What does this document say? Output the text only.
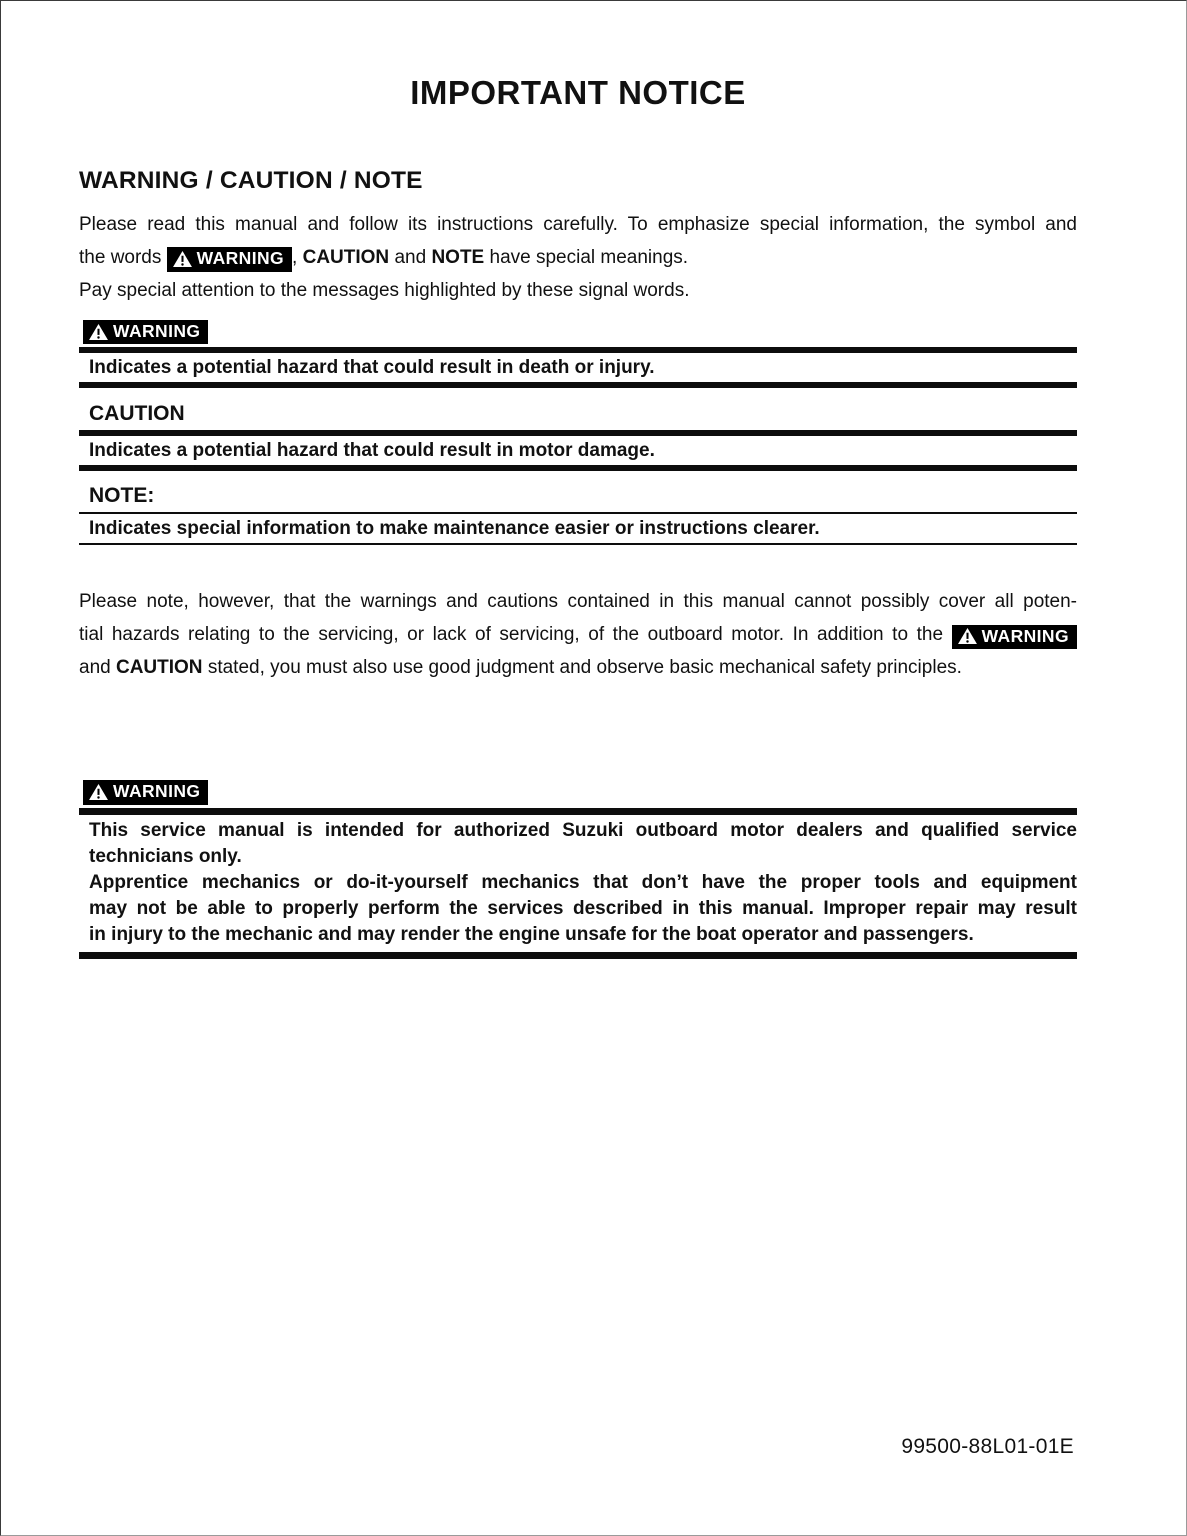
IMPORTANT NOTICE
WARNING / CAUTION / NOTE
Please read this manual and follow its instructions carefully. To emphasize special information, the symbol and
the words WARNING , CAUTION and NOTE have special meanings.
Pay special attention to the messages highlighted by these signal words.
WARNING
Indicates a potential hazard that could result in death or injury.
CAUTION
Indicates a potential hazard that could result in motor damage.
NOTE:
Indicates special information to make maintenance easier or instructions clearer.
Please note, however, that the warnings and cautions contained in this manual cannot possibly cover all poten-
tial hazards relating to the servicing, or lack of servicing, of the outboard motor. In addition to the WARNING
and CAUTION stated, you must also use good judgment and observe basic mechanical safety principles.
WARNING
This service manual is intended for authorized Suzuki outboard motor dealers and qualified service
technicians only.
Apprentice mechanics or do-it-yourself mechanics that don’t have the proper tools and equipment
may not be able to properly perform the services described in this manual. Improper repair may result
in injury to the mechanic and may render the engine unsafe for the boat operator and passengers.
99500-88L01-01E
